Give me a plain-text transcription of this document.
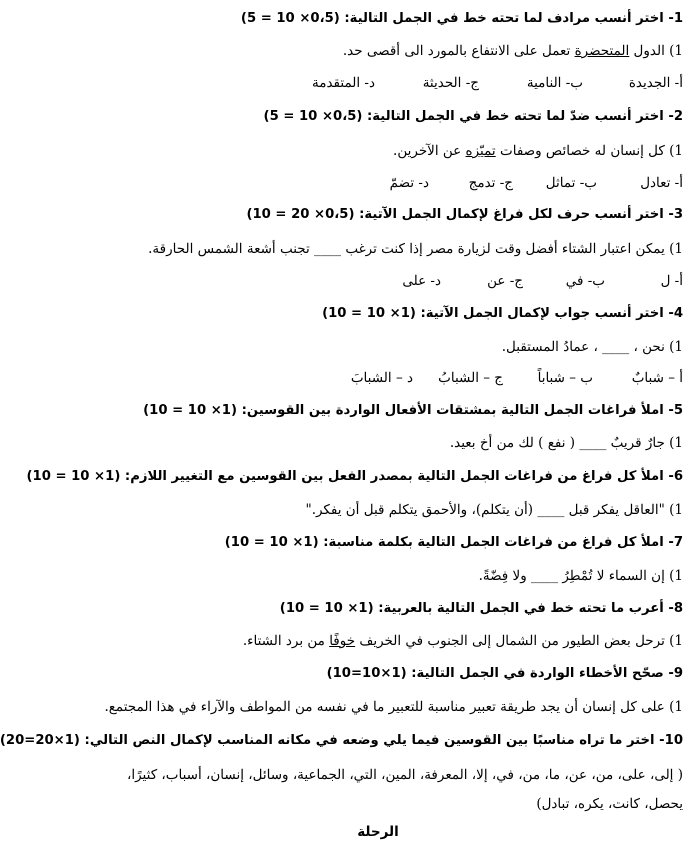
1- اختر أنسب مرادف لما تحته خط في الجمل التالية: (0،5× 10 = 5)
1) الدول المتحضرة تعمل على الانتفاع بالمورد الى أقصى حد.
أ- الجديدة
ب- النامية
ج- الحديثة
د- المتقدمة
2- اختر أنسب ضدّ لما تحته خط في الجمل التالية: (0،5× 10 = 5)
1) كل إنسان له خصائص وصفات تميّزه عن الآخرين.
أ- تعادل
ب- تماثل
ج- تدمج
د- تضمّ
3- اختر أنسب حرف لكل فراغ لإكمال الجمل الآتية: (0،5× 20 = 10)
1) يمكن اعتبار الشتاء أفضل وقت لزيارة مصر إذا كنت ترغب ____ تجنب أشعة الشمس الحارقة.
أ- ل
ب- في
ج- عن
د- على
4- اختر أنسب جواب لإكمال الجمل الآتية: (1× 10 = 10)
1) نحن ، ____ ، عمادُ المستقبل.
أ – شبابٌ
ب – شباباً
ج – الشبابُ
د – الشبابَ
5- املأ فراغات الجمل التالية بمشتقات الأفعال الواردة بين القوسين: (1× 10 = 10)
1) جارٌ قريبٌ ____ ( نفع ) لك من أخ بعيد.
6- املأ كل فراغ من فراغات الجمل التالية بمصدر الفعل بين القوسين مع التغيير اللازم: (1× 10 = 10)
1) "العاقل يفكر قبل ____ (أن يتكلم)، والأحمق يتكلم قبل أن يفكر."
7- املأ كل فراغ من فراغات الجمل التالية بكلمة مناسبة: (1× 10 = 10)
1) إن السماء لا تُمْطِرُ ____ ولا فِضّةً.
8- أعرب ما تحته خط في الجمل التالية بالعربية: (1× 10 = 10)
1) ترحل بعض الطيور من الشمال إلى الجنوب في الخريف خوفًا من برد الشتاء.
9- صحّح الأخطاء الواردة في الجمل التالية: (1×10=10)
1) على كل إنسان أن يجد طريقة تعبير مناسبة للتعبير ما في نفسه من المواطف والآراء في هذا المجتمع.
10- اختر ما تراه مناسبًا بين القوسين فيما يلي وضعه في مكانه المناسب لإكمال النص التالي: (1×20=20)
( إلى، على، من، عن، ما، من، في، إلا، المعرفة، المين، التي، الجماعية، وسائل، إنسان، أسباب، كثيرًا،
يحصل، كانت، يكره، تبادل)
الرحلة
